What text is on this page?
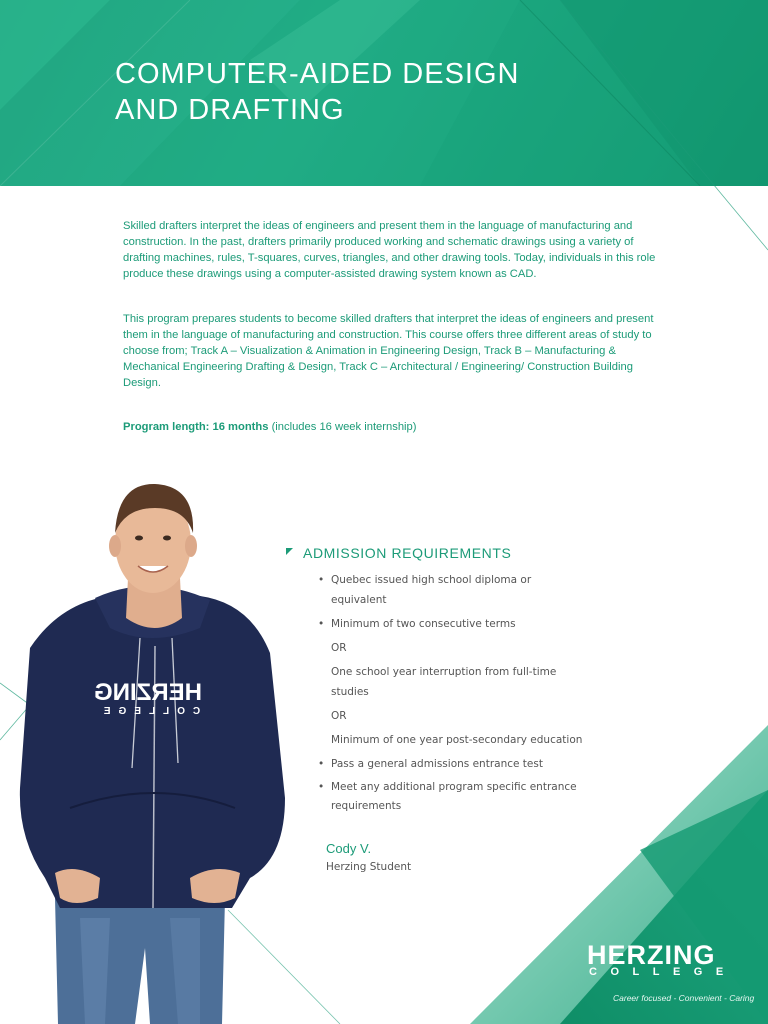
COMPUTER-AIDED DESIGN
AND DRAFTING

Skilled drafters interpret the ideas of engineers and present them in the language of manufacturing and construction. In the past, drafters primarily produced working and schematic drawings using a variety of drafting machines, rules, T-squares, curves, triangles, and other drawing tools. Today, individuals in this role produce these drawings using a computer-assisted drawing system known as CAD.

This program prepares students to become skilled drafters that interpret the ideas of engineers and present them in the language of manufacturing and construction. This course offers three different areas of study to choose from; Track A – Visualization & Animation in Engineering Design, Track B – Manufacturing & Mechanical Engineering Drafting & Design, Track C – Architectural / Engineering/ Construction Building Design.

Program length: 16 months (includes 16 week internship)

HERZING
COLLEGE
ADMISSION REQUIREMENTS
• Quebec issued high school diploma or equivalent
• Minimum of two consecutive terms
OR
One school year interruption from full-time studies
OR
Minimum of one year post-secondary education
• Pass a general admissions entrance test
• Meet any additional program specific entrance requirements
Cody V.
Herzing Student
HERZING
COLLEGE
Career focused - Convenient - Caring
